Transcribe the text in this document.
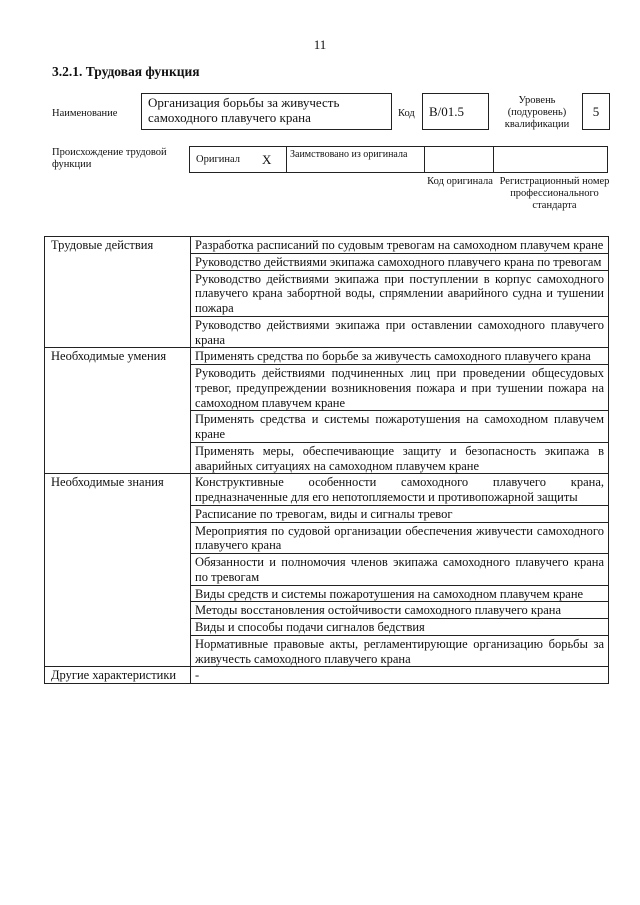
11
3.2.1. Трудовая функция
Наименование
Организация борьбы за живучесть самоходного плавучего крана	Код	B/01.5
Уровень (подуровень) квалификации
5
Происхождение трудовой функции	Оригинал X	Заимствовано из оригинала
Код оригинала Регистрационный номер профессионального стандарта
Трудовые действия	Разработка расписаний по судовым тревогам на самоходном плавучем кране
	Руководство действиями экипажа самоходного плавучего крана по тревогам
	Руководство действиями экипажа при поступлении в корпус самоходного плавучего крана забортной воды, спрямлении аварийного судна и тушении пожара
	Руководство действиями экипажа при оставлении самоходного плавучего крана
Необходимые умения	Применять средства по борьбе за живучесть самоходного плавучего крана
	Руководить действиями подчиненных лиц при проведении общесудовых тревог, предупреждении возникновения пожара и при тушении пожара на самоходном плавучем кране
	Применять средства и системы пожаротушения на самоходном плавучем кране
	Применять меры, обеспечивающие защиту и безопасность экипажа в аварийных ситуациях на самоходном плавучем кране
Необходимые знания	Конструктивные особенности самоходного плавучего крана, предназначенные для его непотопляемости и противопожарной защиты
	Расписание по тревогам, виды и сигналы тревог
	Мероприятия по судовой организации обеспечения живучести самоходного плавучего крана
	Обязанности и полномочия членов экипажа самоходного плавучего крана по тревогам
	Виды средств и системы пожаротушения на самоходном плавучем кране
	Методы восстановления остойчивости самоходного плавучего крана
	Виды и способы подачи сигналов бедствия
	Нормативные правовые акты, регламентирующие организацию борьбы за живучесть самоходного плавучего крана
Другие характеристики	-
